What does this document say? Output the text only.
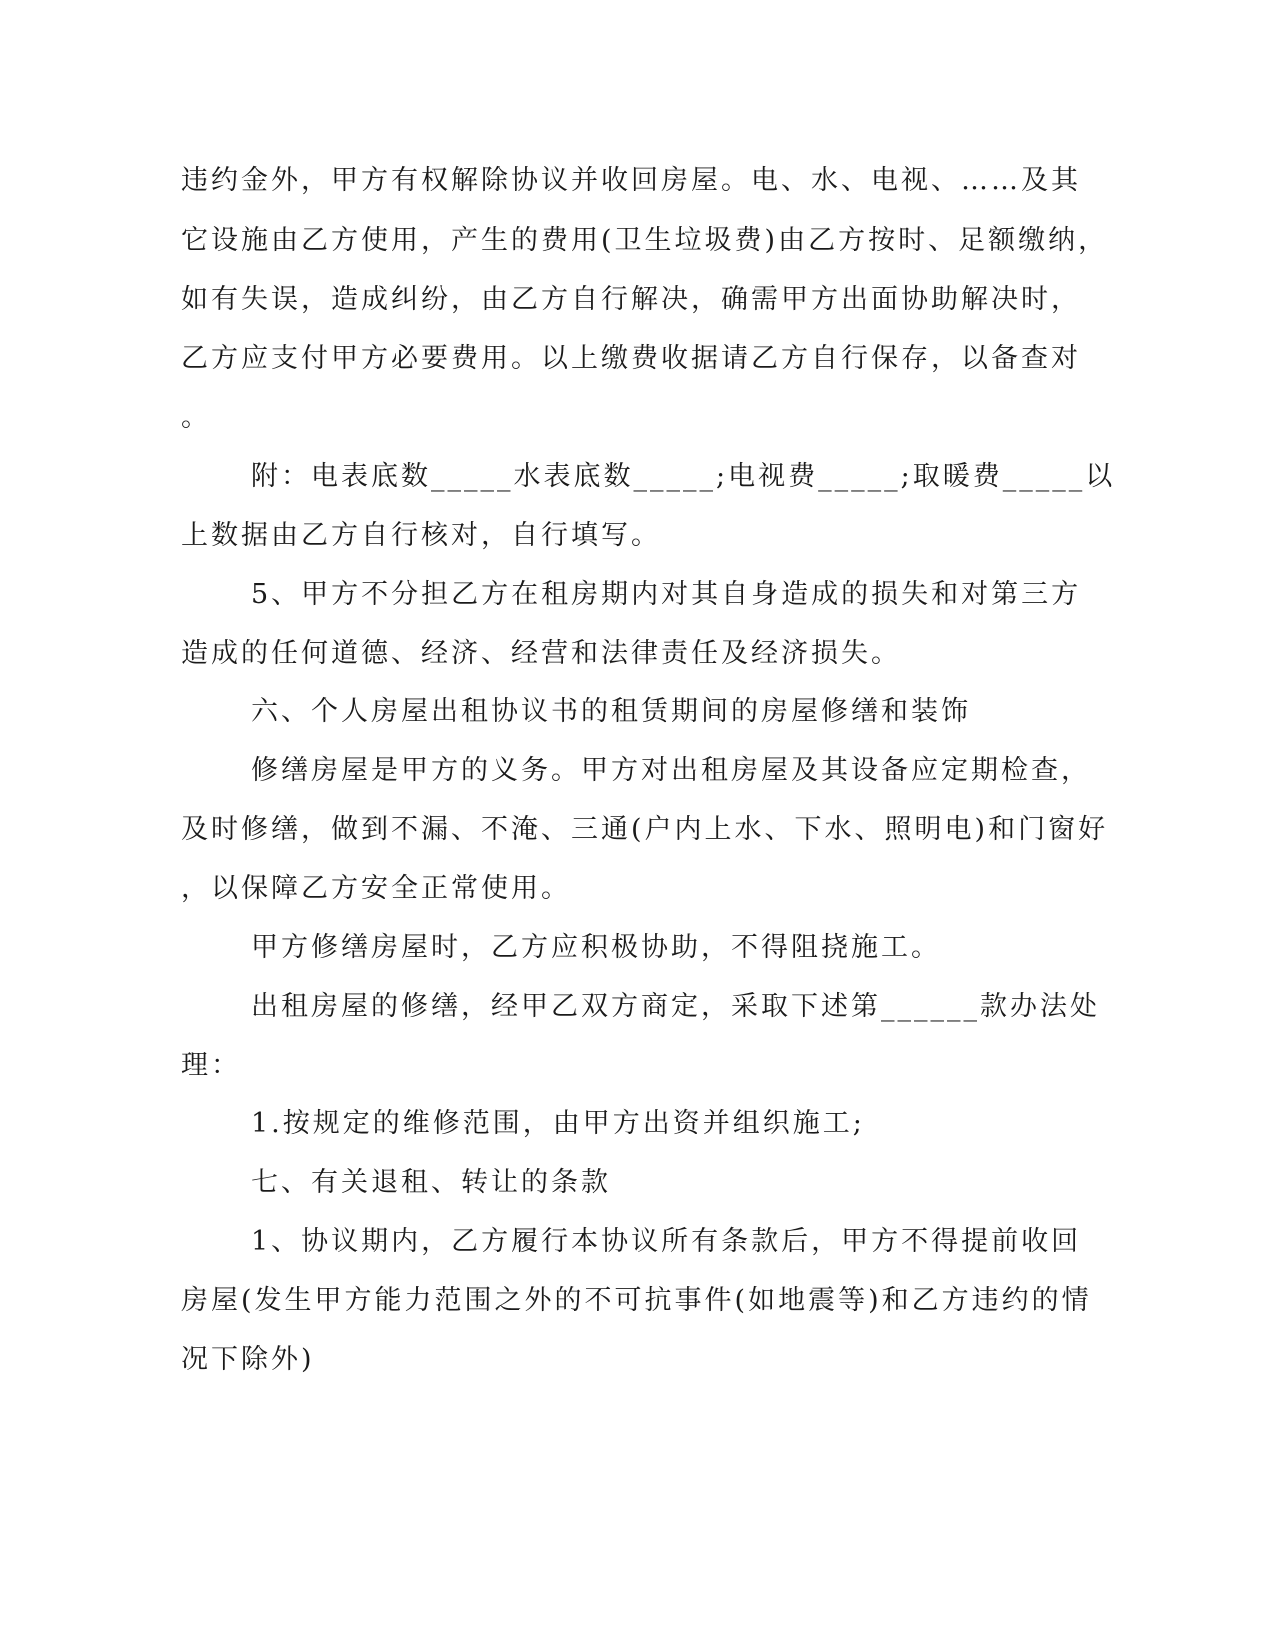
违约金外，甲方有权解除协议并收回房屋。电、水、电视、……及其
它设施由乙方使用，产生的费用(卫生垃圾费)由乙方按时、足额缴纳，
如有失误，造成纠纷，由乙方自行解决，确需甲方出面协助解决时，
乙方应支付甲方必要费用。以上缴费收据请乙方自行保存，以备查对
。
附：电表底数_____水表底数_____;电视费_____;取暖费_____以
上数据由乙方自行核对，自行填写。
5、甲方不分担乙方在租房期内对其自身造成的损失和对第三方
造成的任何道德、经济、经营和法律责任及经济损失。
六、个人房屋出租协议书的租赁期间的房屋修缮和装饰
修缮房屋是甲方的义务。甲方对出租房屋及其设备应定期检查，
及时修缮，做到不漏、不淹、三通(户内上水、下水、照明电)和门窗好
，以保障乙方安全正常使用。
甲方修缮房屋时，乙方应积极协助，不得阻挠施工。
出租房屋的修缮，经甲乙双方商定，采取下述第______款办法处
理：
1.按规定的维修范围，由甲方出资并组织施工;
七、有关退租、转让的条款
1、协议期内，乙方履行本协议所有条款后，甲方不得提前收回
房屋(发生甲方能力范围之外的不可抗事件(如地震等)和乙方违约的情
况下除外)
